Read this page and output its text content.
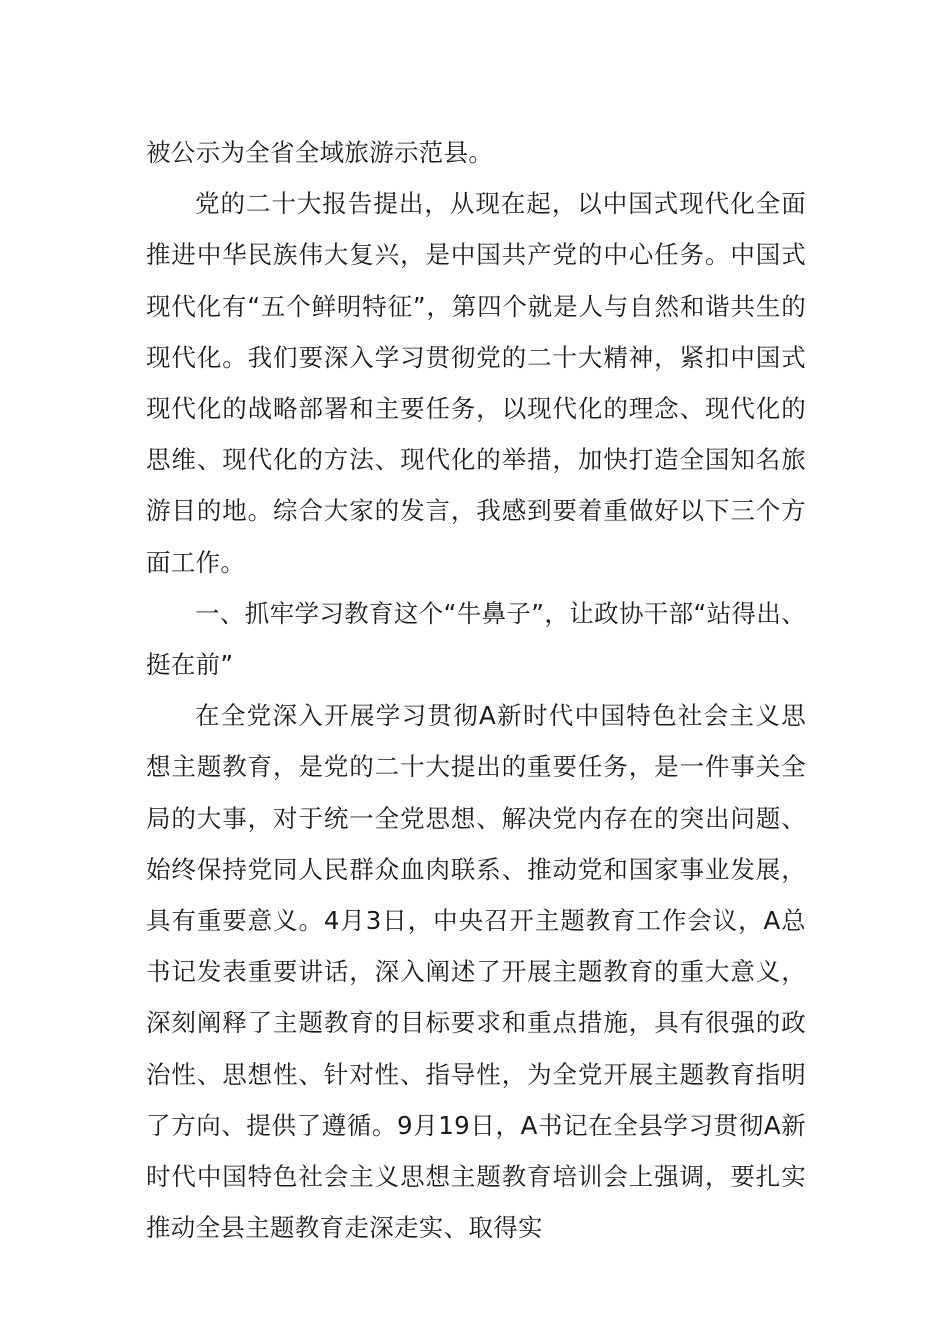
被公示为全省全域旅游示范县。

党的二十大报告提出，从现在起，以中国式现代化全面推进中华民族伟大复兴，是中国共产党的中心任务。中国式现代化有“五个鲜明特征”，第四个就是人与自然和谐共生的现代化。我们要深入学习贯彻党的二十大精神，紧扣中国式现代化的战略部署和主要任务，以现代化的理念、现代化的思维、现代化的方法、现代化的举措，加快打造全国知名旅游目的地。综合大家的发言，我感到要着重做好以下三个方面工作。

一、抓牢学习教育这个“牛鼻子”，让政协干部“站得出、挺在前”

在全党深入开展学习贯彻A新时代中国特色社会主义思想主题教育，是党的二十大提出的重要任务，是一件事关全局的大事，对于统一全党思想、解决党内存在的突出问题、始终保持党同人民群众血肉联系、推动党和国家事业发展，具有重要意义。4月3日，中央召开主题教育工作会议，A总书记发表重要讲话，深入阐述了开展主题教育的重大意义，深刻阐释了主题教育的目标要求和重点措施，具有很强的政治性、思想性、针对性、指导性，为全党开展主题教育指明了方向、提供了遵循。9月19日，A书记在全县学习贯彻A新时代中国特色社会主义思想主题教育培训会上强调，要扎实推动全县主题教育走深走实、取得实
